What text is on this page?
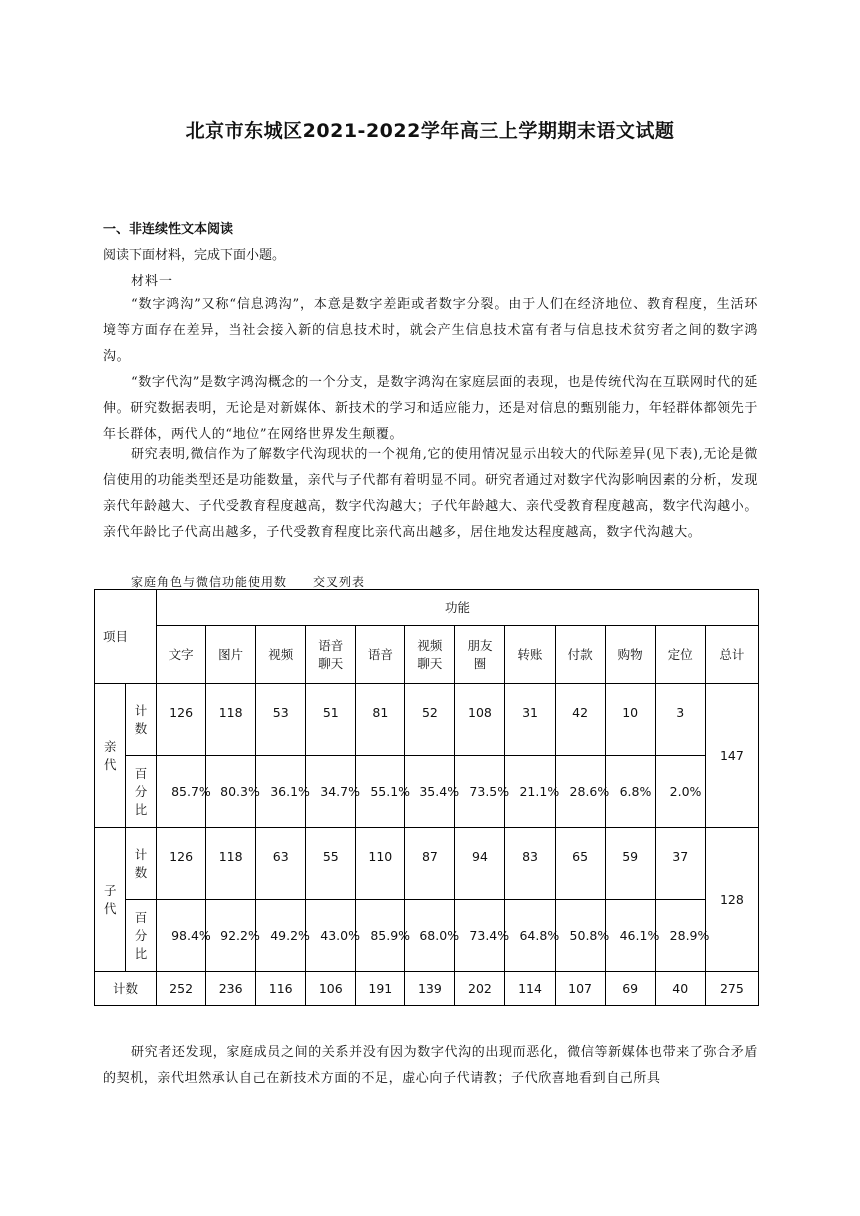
北京市东城区2021-2022学年高三上学期期末语文试题
一、非连续性文本阅读
阅读下面材料，完成下面小题。
材料一
“数字鸿沟”又称“信息鸿沟”，本意是数字差距或者数字分裂。由于人们在经济地位、教育程度，生活环境等方面存在差异，当社会接入新的信息技术时，就会产生信息技术富有者与信息技术贫穷者之间的数字鸿沟。
“数字代沟”是数字鸿沟概念的一个分支，是数字鸿沟在家庭层面的表现，也是传统代沟在互联网时代的延伸。研究数据表明，无论是对新媒体、新技术的学习和适应能力，还是对信息的甄别能力，年轻群体都领先于年长群体，两代人的“地位”在网络世界发生颠覆。
研究表明,微信作为了解数字代沟现状的一个视角,它的使用情况显示出较大的代际差异(见下表),无论是微信使用的功能类型还是功能数量，亲代与子代都有着明显不同。研究者通过对数字代沟影响因素的分析，发现亲代年龄越大、子代受教育程度越高，数字代沟越大；子代年龄越大、亲代受教育程度越高，数字代沟越小。亲代年龄比子代高出越多，子代受教育程度比亲代高出越多，居住地发达程度越高，数字代沟越大。
家庭角色与微信功能使用数 交叉列表
项目		功能											
		文字	图片	视频	语音聊天	语音	视频聊天	朋友圈	转账	付款	购物	定位	总计
亲代	计数	126	118	53	51	81	52	108	31	42	10	3	147
	百分比	85.7%	80.3%	36.1%	34.7%	55.1%	35.4%	73.5%	21.1%	28.6%	6.8%	2.0%	
子代	计数	126	118	63	55	110	87	94	83	65	59	37	128
	百分比	98.4%	92.2%	49.2%	43.0%	85.9%	68.0%	73.4%	64.8%	50.8%	46.1%	28.9%	
计数		252	236	116	106	191	139	202	114	107	69	40	275
研究者还发现，家庭成员之间的关系并没有因为数字代沟的出现而恶化，微信等新媒体也带来了弥合矛盾的契机，亲代坦然承认自己在新技术方面的不足，虚心向子代请教；子代欣喜地看到自己所具
